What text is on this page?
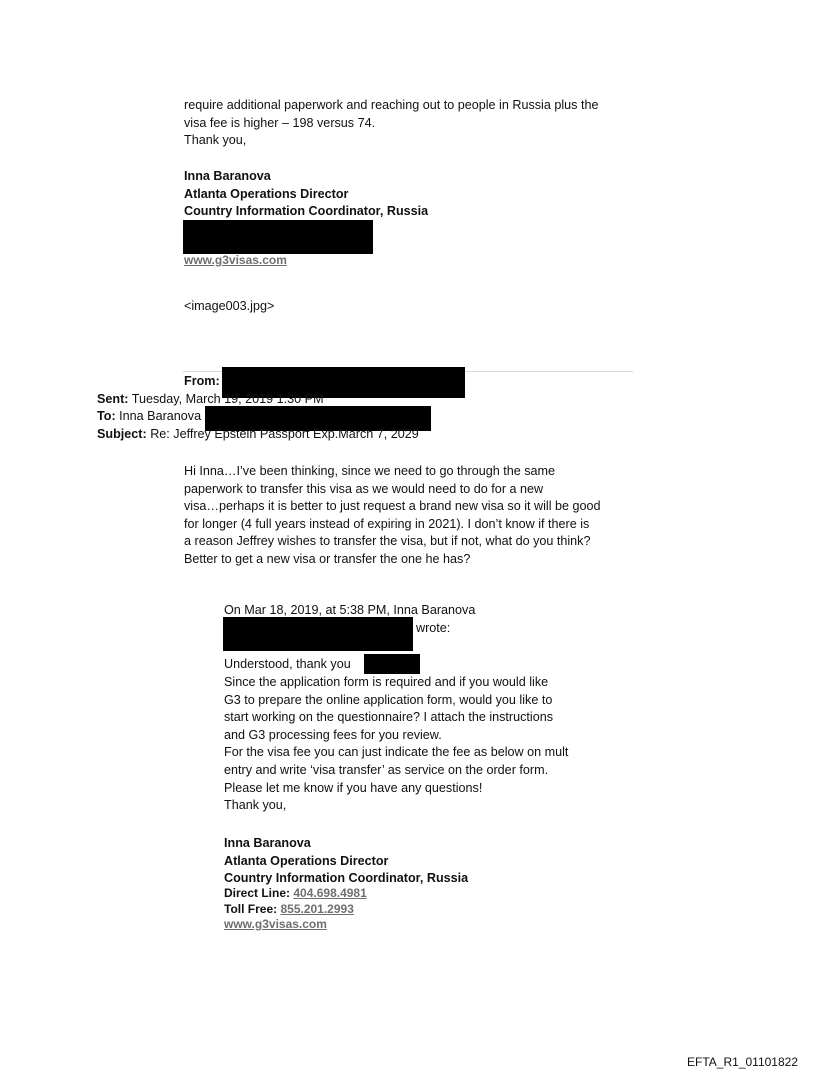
require additional paperwork and reaching out to people in Russia plus the
visa fee is higher – 198 versus 74.
Thank you,
Inna Baranova
Atlanta Operations Director
Country Information Coordinator, Russia
www.g3visas.com
<image003.jpg>
From:
Sent: Tuesday, March 19, 2019 1:30 PM
To: Inna Baranova
Subject: Re: Jeffrey Epstein Passport Exp.March 7, 2029
Hi Inna…I’ve been thinking, since we need to go through the same
paperwork to transfer this visa as we would need to do for a new
visa…perhaps it is better to just request a brand new visa so it will be good
for longer (4 full years instead of expiring in 2021). I don’t know if there is
a reason Jeffrey wishes to transfer the visa, but if not, what do you think?
Better to get a new visa or transfer the one he has?
On Mar 18, 2019, at 5:38 PM, Inna Baranova
wrote:
Understood, thank you
Since the application form is required and if you would like
G3 to prepare the online application form, would you like to
start working on the questionnaire? I attach the instructions
and G3 processing fees for you review.
For the visa fee you can just indicate the fee as below on mult
entry and write ‘visa transfer’ as service on the order form.
Please let me know if you have any questions!
Thank you,
Inna Baranova
Atlanta Operations Director
Country Information Coordinator, Russia
Direct Line: 404.698.4981
Toll Free: 855.201.2993
www.g3visas.com
EFTA_R1_01101822
